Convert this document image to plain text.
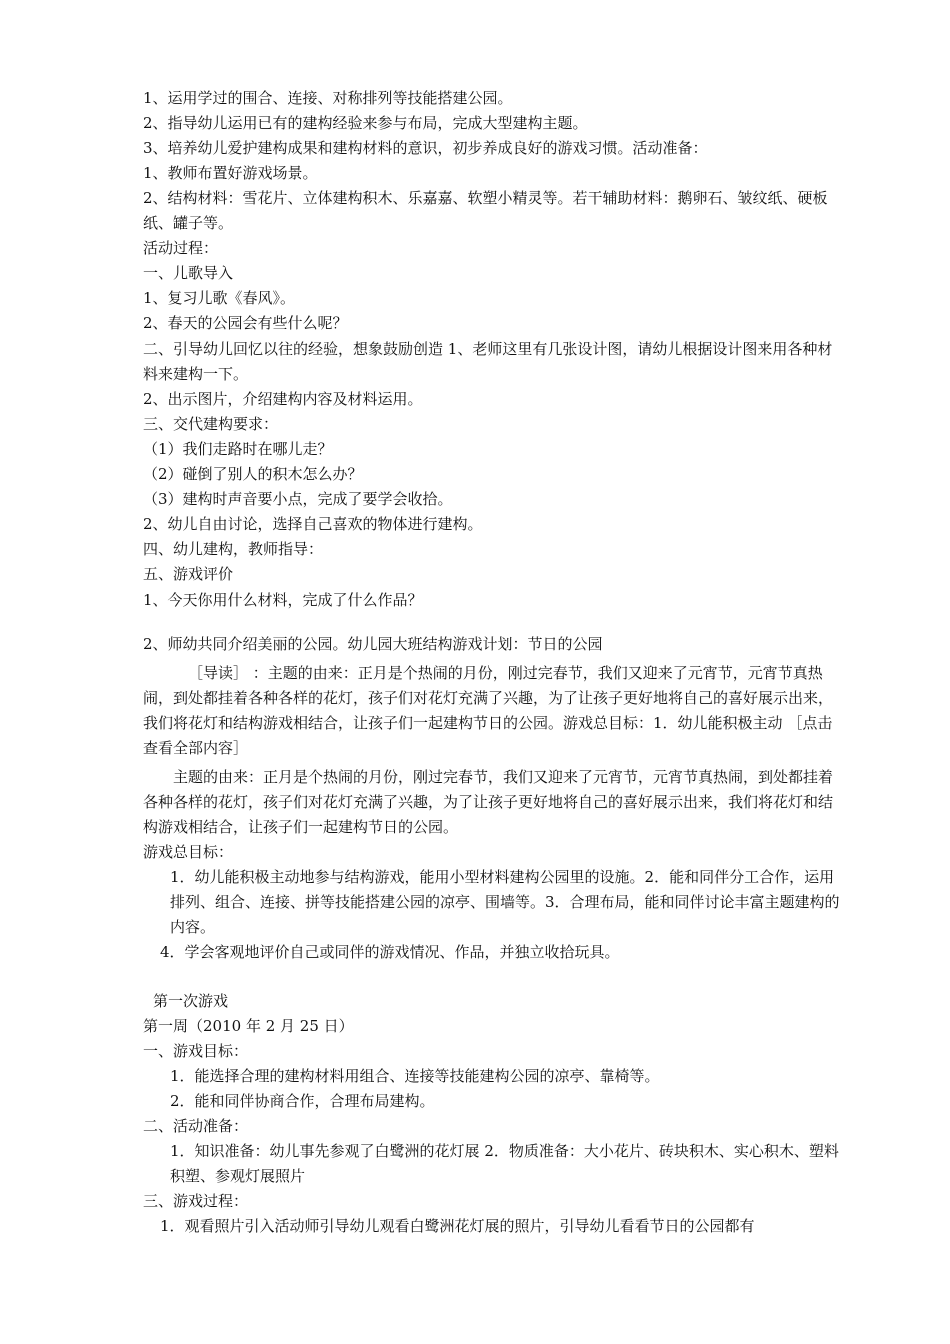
1、运用学过的围合、连接、对称排列等技能搭建公园。
2、指导幼儿运用已有的建构经验来参与布局，完成大型建构主题。
3、培养幼儿爱护建构成果和建构材料的意识，初步养成良好的游戏习惯。活动准备：
1、教师布置好游戏场景。
2、结构材料：雪花片、立体建构积木、乐嘉嘉、软塑小精灵等。若干辅助材料：鹅卵石、皱纹纸、硬板纸、罐子等。
活动过程：
一、儿歌导入
1、复习儿歌《春风》。
2、春天的公园会有些什么呢？
二、引导幼儿回忆以往的经验，想象鼓励创造 1、老师这里有几张设计图，请幼儿根据设计图来用各种材料来建构一下。
2、出示图片，介绍建构内容及材料运用。
三、交代建构要求：
（1）我们走路时在哪儿走？
（2）碰倒了别人的积木怎么办？
（3）建构时声音要小点，完成了要学会收拾。
2、幼儿自由讨论，选择自己喜欢的物体进行建构。
四、幼儿建构，教师指导：
五、游戏评价
1、今天你用什么材料，完成了什么作品？
2、师幼共同介绍美丽的公园。幼儿园大班结构游戏计划：节日的公园
［导读］ ：主题的由来：正月是个热闹的月份，刚过完春节，我们又迎来了元宵节，元宵节真热闹，到处都挂着各种各样的花灯，孩子们对花灯充满了兴趣，为了让孩子更好地将自己的喜好展示出来，我们将花灯和结构游戏相结合，让孩子们一起建构节日的公园。游戏总目标：1．幼儿能积极主动 ［点击查看全部内容］
主题的由来：正月是个热闹的月份，刚过完春节，我们又迎来了元宵节，元宵节真热闹，到处都挂着各种各样的花灯，孩子们对花灯充满了兴趣，为了让孩子更好地将自己的喜好展示出来，我们将花灯和结构游戏相结合，让孩子们一起建构节日的公园。
游戏总目标：
1．幼儿能积极主动地参与结构游戏，能用小型材料建构公园里的设施。2．能和同伴分工合作，运用排列、组合、连接、拼等技能搭建公园的凉亭、围墙等。3．合理布局，能和同伴讨论丰富主题建构的内容。
4．学会客观地评价自己或同伴的游戏情况、作品，并独立收拾玩具。
第一次游戏
第一周（2010 年 2 月 25 日）
一、游戏目标：
1．能选择合理的建构材料用组合、连接等技能建构公园的凉亭、靠椅等。
2．能和同伴协商合作，合理布局建构。
二、活动准备：
1．知识准备：幼儿事先参观了白鹭洲的花灯展 2．物质准备：大小花片、砖块积木、实心积木、塑料积塑、参观灯展照片
三、游戏过程：
1．观看照片引入活动师引导幼儿观看白鹭洲花灯展的照片，引导幼儿看看节日的公园都有
